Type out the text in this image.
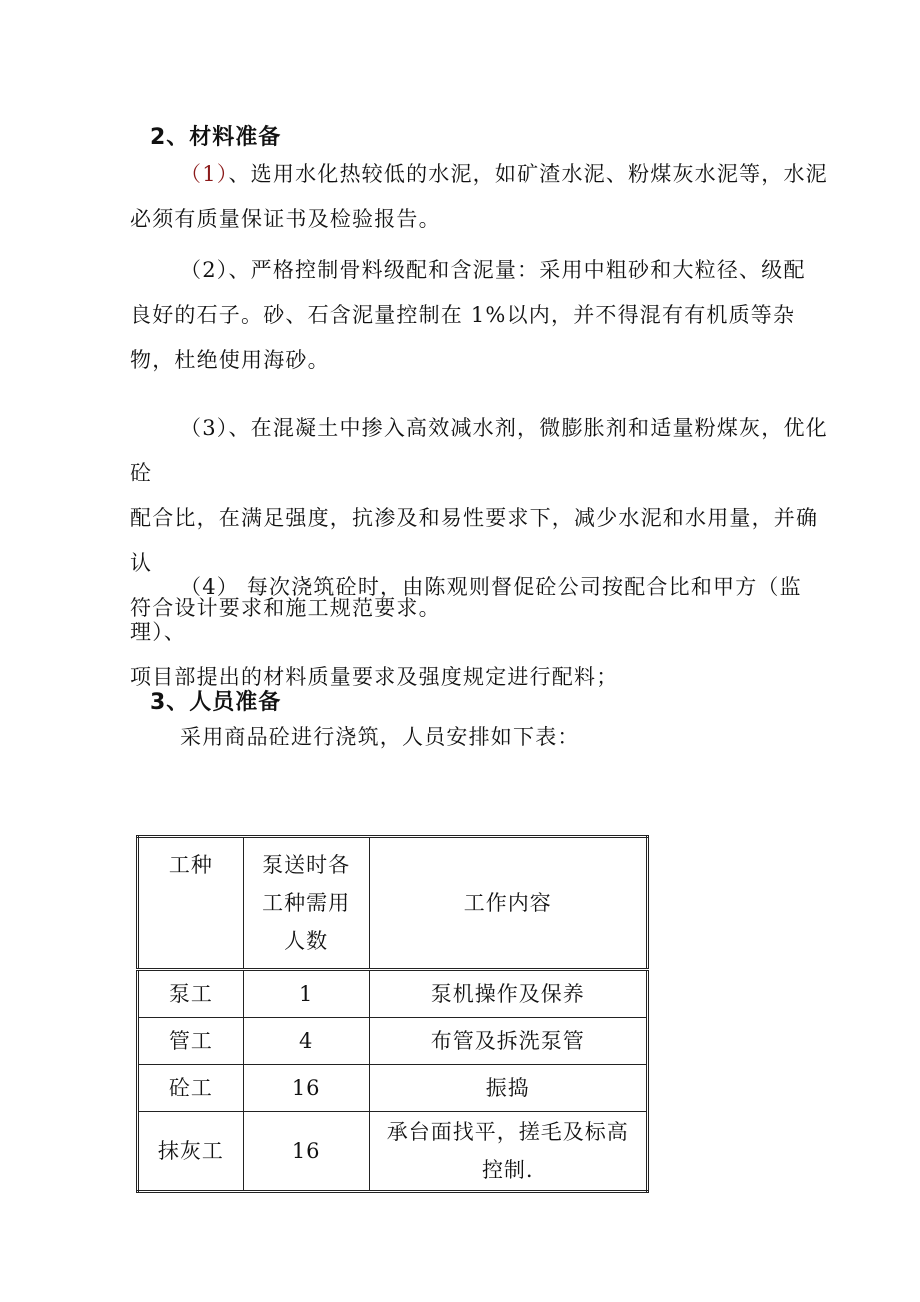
2、材料准备
（1）、选用水化热较低的水泥，如矿渣水泥、粉煤灰水泥等，水泥
必须有质量保证书及检验报告。
（2）、严格控制骨料级配和含泥量：采用中粗砂和大粒径、级配
良好的石子。砂、石含泥量控制在 1%以内，并不得混有有机质等杂
物，杜绝使用海砂。
（3）、在混凝土中掺入高效减水剂，微膨胀剂和适量粉煤灰，优化砼
配合比，在满足强度，抗渗及和易性要求下，减少水泥和水用量，并确认
符合设计要求和施工规范要求。
（4） 每次浇筑砼时，由陈观则督促砼公司按配合比和甲方（监理）、
项目部提出的材料质量要求及强度规定进行配料；
3、人员准备
采用商品砼进行浇筑，人员安排如下表：
工种	泵送时各
工种需用
人数	工作内容
泵工	1	泵机操作及保养
管工	4	布管及拆洗泵管
砼工	16	振捣
抹灰工	16	承台面找平，搓毛及标高
控制.
